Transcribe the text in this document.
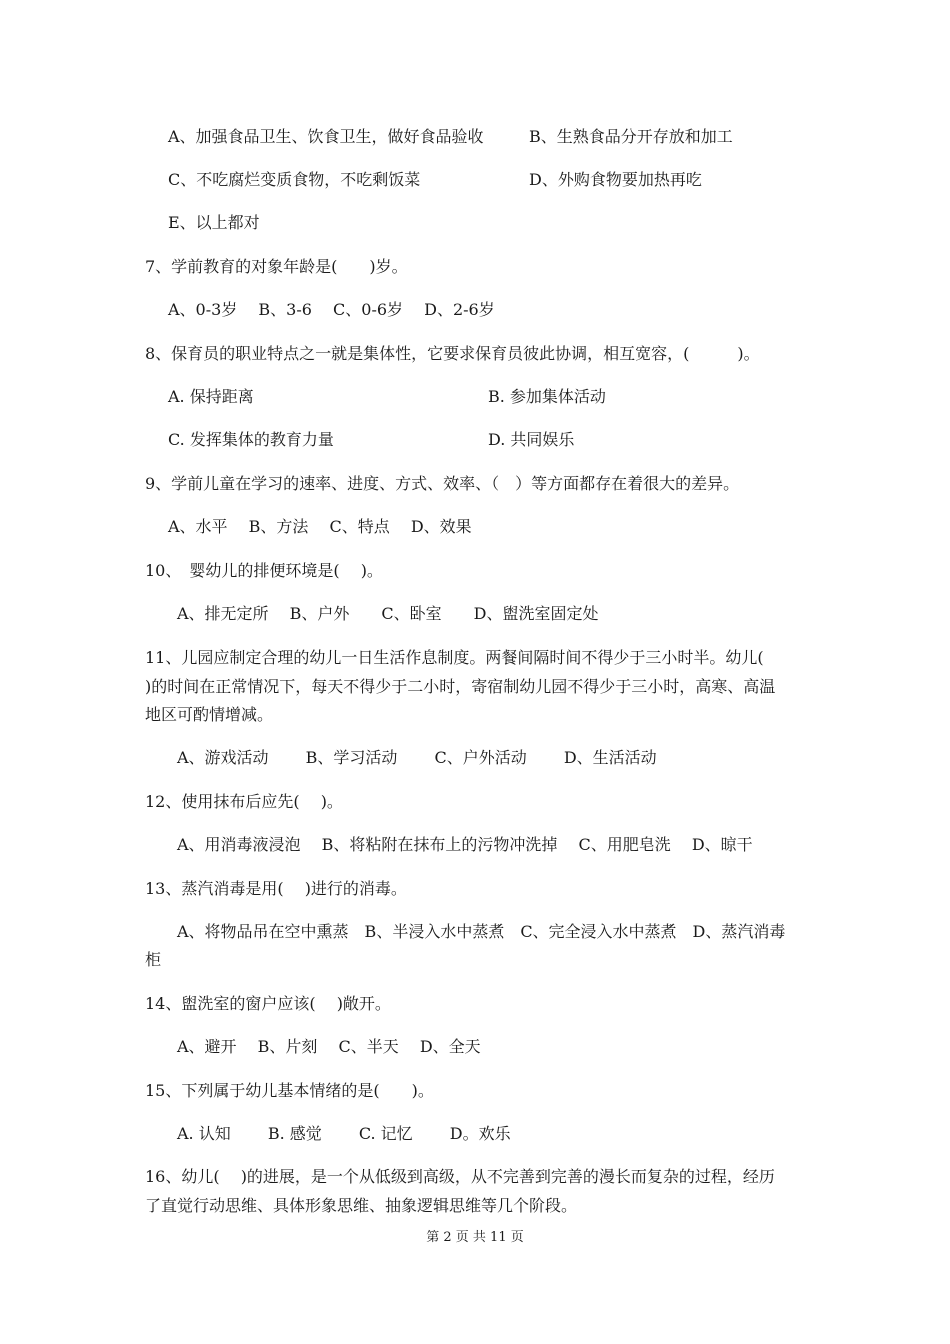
A、加强食品卫生、饮食卫生，做好食品验收	B、生熟食品分开存放和加工
C、不吃腐烂变质食物，不吃剩饭菜	D、外购食物要加热再吃
E、以上都对
7、学前教育的对象年龄是(　　)岁。
A、0-3岁　 B、3-6　 C、0-6岁　 D、2-6岁
8、保育员的职业特点之一就是集体性，它要求保育员彼此协调，相互宽容，(　　　)。
A. 保持距离	B. 参加集体活动
C. 发挥集体的教育力量	D. 共同娱乐
9、学前儿童在学习的速率、进度、方式、效率、（　）等方面都存在着很大的差异。
A、水平　 B、方法　 C、特点　 D、效果
10、　婴幼儿的排便环境是(　 )。
A、排无定所　 B、户外　　C、卧室　　D、盥洗室固定处
11、儿园应制定合理的幼儿一日生活作息制度。两餐间隔时间不得少于三小时半。幼儿(
)的时间在正常情况下，每天不得少于二小时，寄宿制幼儿园不得少于三小时，高寒、高温
地区可酌情增减。
A、游戏活动　　 B、学习活动　　 C、户外活动　　 D、生活活动
12、使用抹布后应先(　 )。
A、用消毒液浸泡　 B、将粘附在抹布上的污物冲洗掉　 C、用肥皂洗　 D、晾干
13、蒸汽消毒是用(　 )进行的消毒。
A、将物品吊在空中熏蒸　B、半浸入水中蒸煮　C、完全浸入水中蒸煮　D、蒸汽消毒
柜
14、盥洗室的窗户应该(　 )敞开。
A、避开　 B、片刻　 C、半天　 D、全天
15、下列属于幼儿基本情绪的是(　　)。
A. 认知　　 B. 感觉　　 C. 记忆　　 D。欢乐
16、幼儿(　 )的进展，是一个从低级到高级，从不完善到完善的漫长而复杂的过程，经历
了直觉行动思维、具体形象思维、抽象逻辑思维等几个阶段。
第 2 页 共 11 页
